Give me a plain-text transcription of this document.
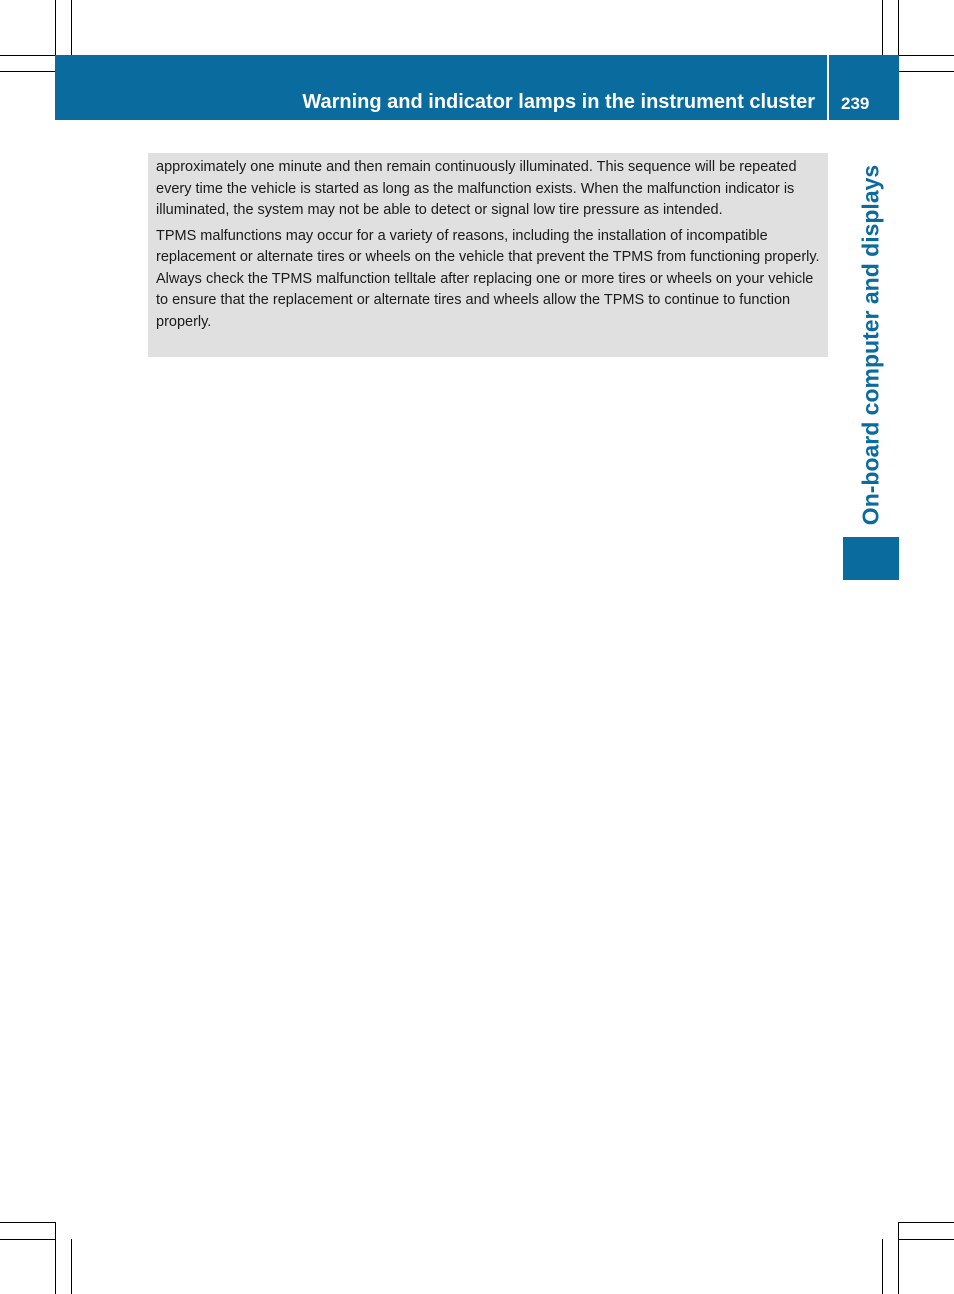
Warning and indicator lamps in the instrument cluster 239
On-board computer and displays

approximately one minute and then remain continuously illuminated. This sequence will be repeated every time the vehicle is started as long as the malfunction exists. When the malfunction indicator is illuminated, the system may not be able to detect or signal low tire pressure as intended.

TPMS malfunctions may occur for a variety of reasons, including the installation of incompatible replacement or alternate tires or wheels on the vehicle that prevent the TPMS from functioning properly. Always check the TPMS malfunction telltale after replacing one or more tires or wheels on your vehicle to ensure that the replacement or alternate tires and wheels allow the TPMS to continue to function properly.
